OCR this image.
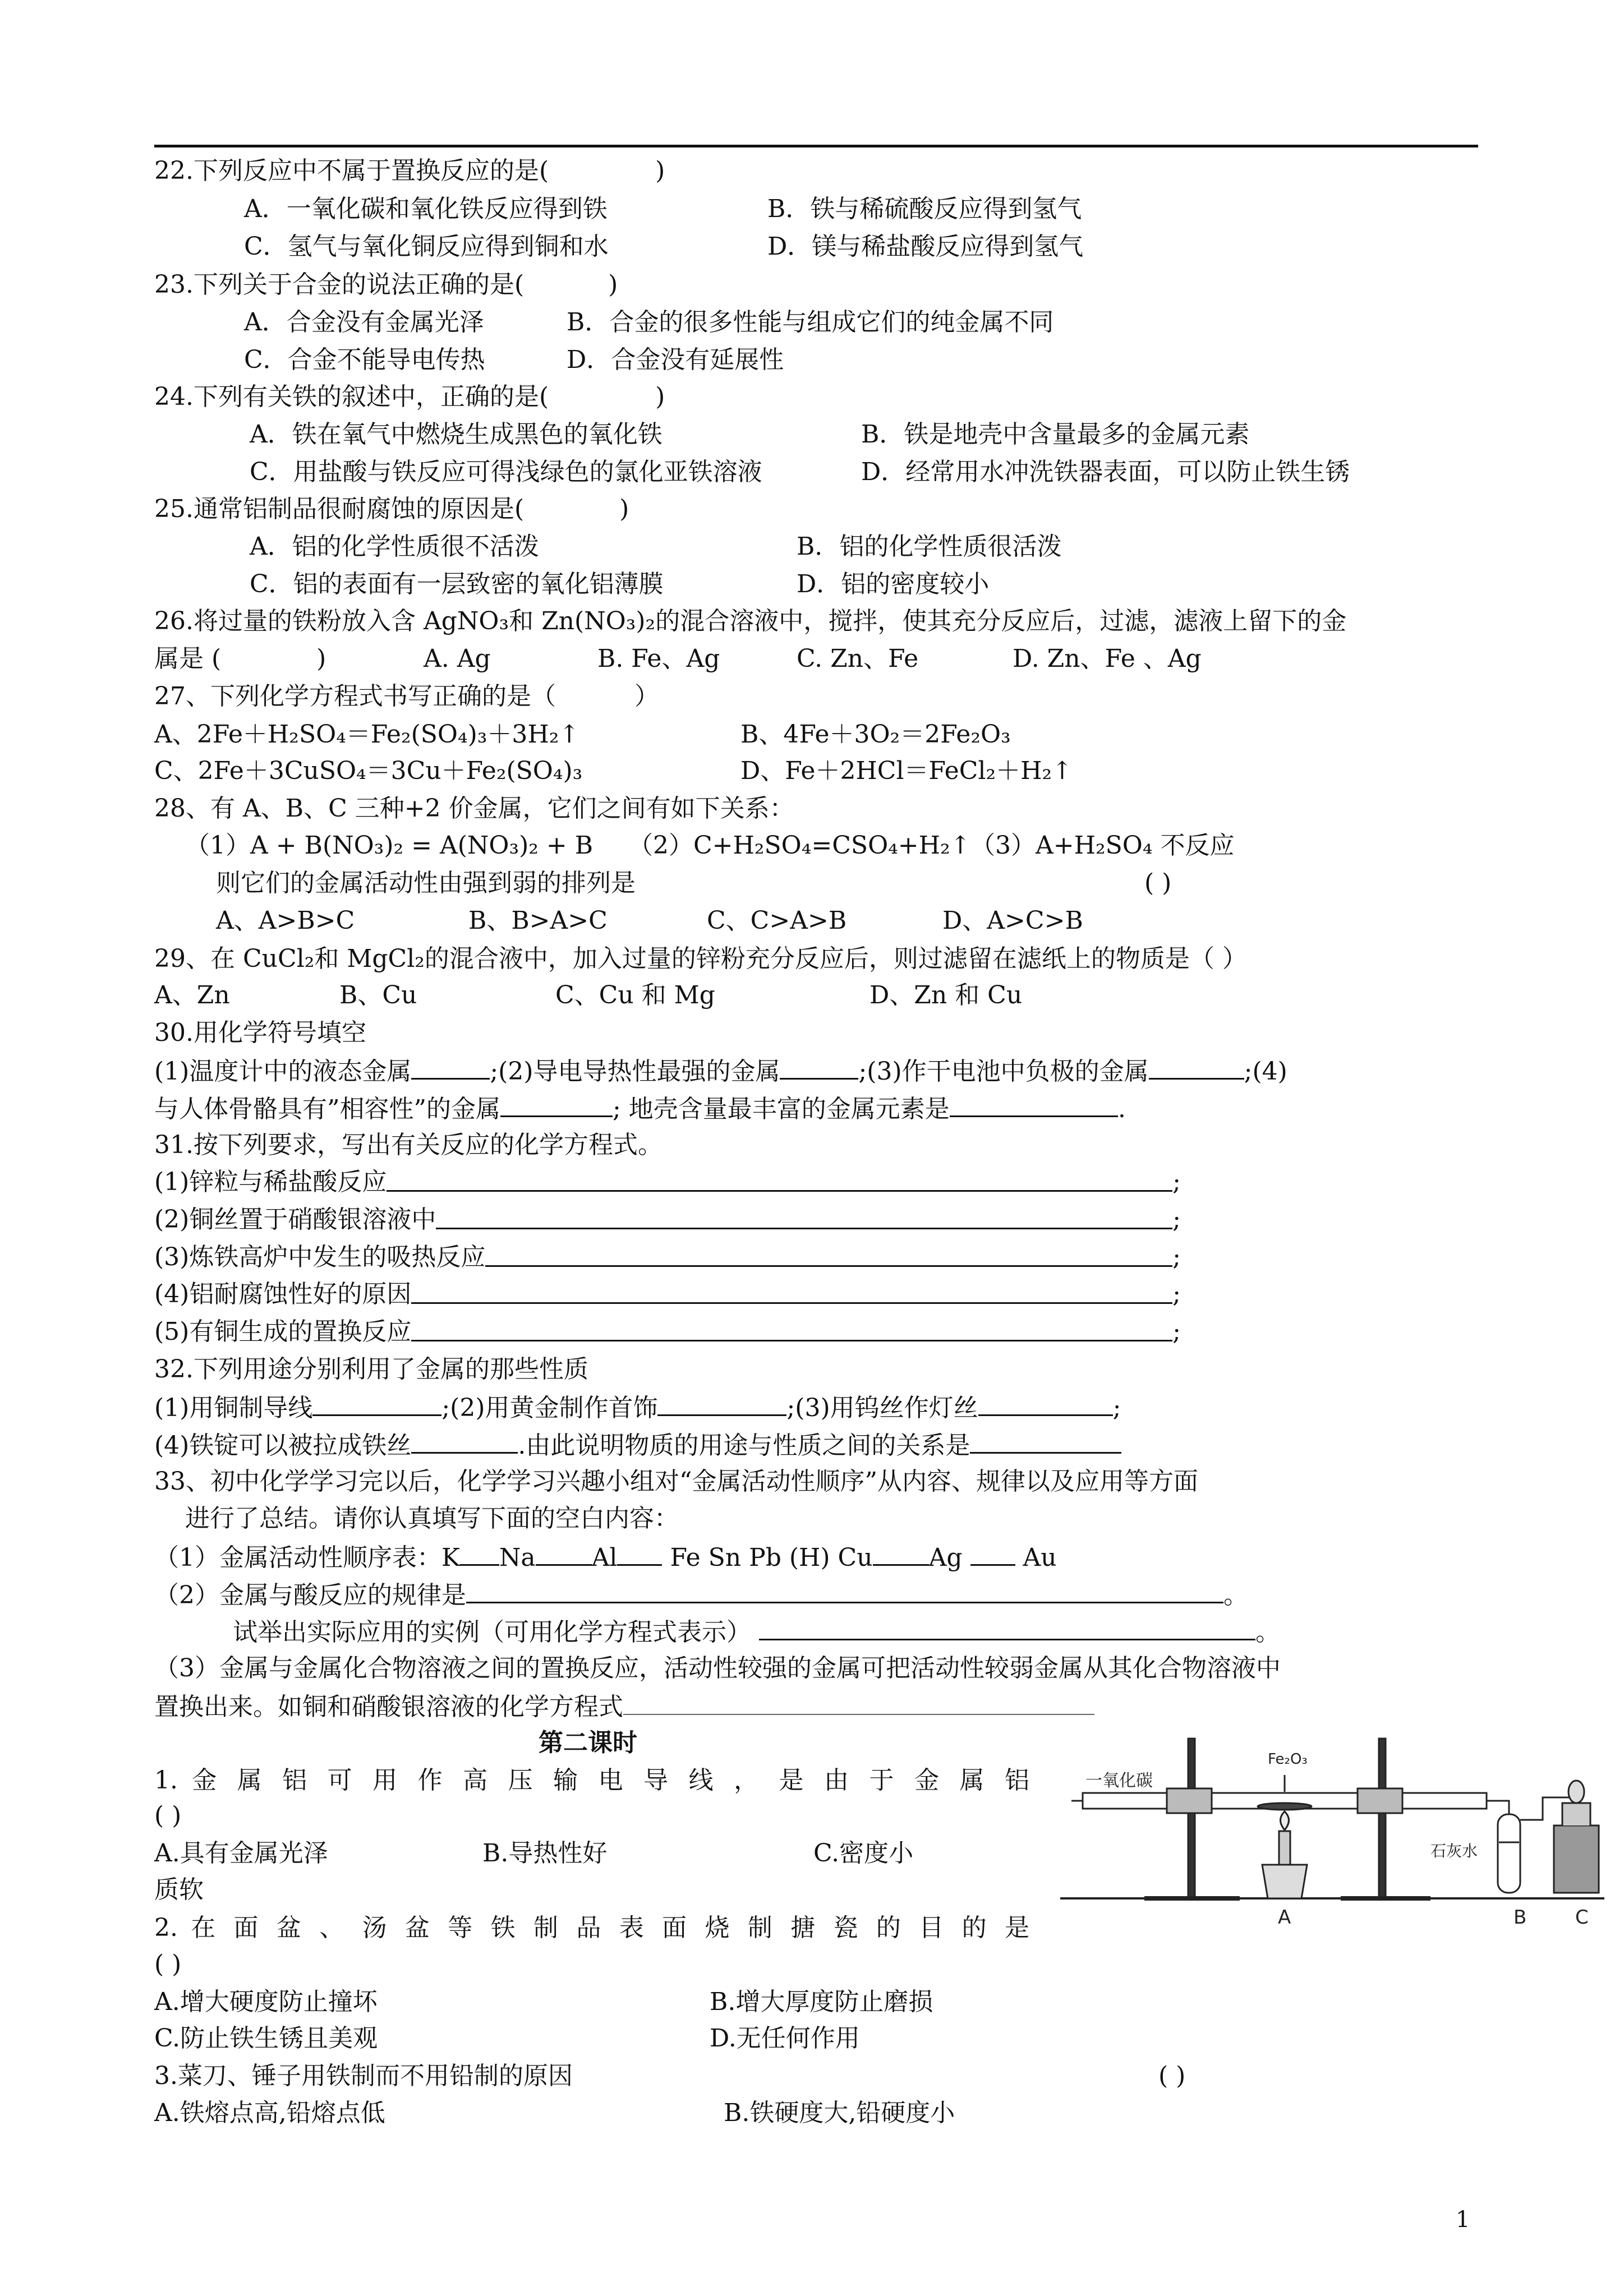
22.下列反应中不属于置换反应的是(	)
A．一氧化碳和氧化铁反应得到铁	B．铁与稀硫酸反应得到氢气
C．氢气与氧化铜反应得到铜和水	D．镁与稀盐酸反应得到氢气
23.下列关于合金的说法正确的是(	)
A．合金没有金属光泽	B．合金的很多性能与组成它们的纯金属不同
C．合金不能导电传热	D．合金没有延展性
24.下列有关铁的叙述中，正确的是(	)
A．铁在氧气中燃烧生成黑色的氧化铁	B．铁是地壳中含量最多的金属元素
C．用盐酸与铁反应可得浅绿色的氯化亚铁溶液	D．经常用水冲洗铁器表面，可以防止铁生锈
25.通常铝制品很耐腐蚀的原因是(	)
A．铝的化学性质很不活泼	B．铝的化学性质很活泼
C．铝的表面有一层致密的氧化铝薄膜	D．铝的密度较小
26.将过量的铁粉放入含 AgNO₃和 Zn(NO₃)₂的混合溶液中，搅拌，使其充分反应后，过滤，滤液上留下的金
属是 (	)	A. Ag	B. Fe、Ag	C. Zn、Fe	D. Zn、Fe 、Ag
27、下列化学方程式书写正确的是（	）
A、2Fe＋H₂SO₄＝Fe₂(SO₄)₃＋3H₂↑	B、4Fe＋3O₂＝2Fe₂O₃
C、2Fe＋3CuSO₄＝3Cu＋Fe₂(SO₄)₃	D、Fe＋2HCl＝FeCl₂＋H₂↑
28、有 A、B、C 三种+2 价金属，它们之间有如下关系：
（1）A + B(NO₃)₂ = A(NO₃)₂ + B （2）C+H₂SO₄=CSO₄+H₂↑ （3）A+H₂SO₄ 不反应
则它们的金属活动性由强到弱的排列是	( )
A、A>B>C	B、B>A>C	C、C>A>B	D、A>C>B
29、在 CuCl₂和 MgCl₂的混合液中，加入过量的锌粉充分反应后，则过滤留在滤纸上的物质是（ ）
A、Zn	B、Cu	C、Cu 和 Mg	D、Zn 和 Cu
30.用化学符号填空
(1)温度计中的液态金属	;(2)导电导热性最强的金属	;(3)作干电池中负极的金属	;(4)
与人体骨骼具有”相容性”的金属	; 地壳含量最丰富的金属元素是	.
31.按下列要求，写出有关反应的化学方程式。
(1)锌粒与稀盐酸反应	;
(2)铜丝置于硝酸银溶液中	;
(3)炼铁高炉中发生的吸热反应	;
(4)铝耐腐蚀性好的原因	;
(5)有铜生成的置换反应	;
32.下列用途分别利用了金属的那些性质
(1)用铜制导线	;(2)用黄金制作首饰	;(3)用钨丝作灯丝	;
(4)铁锭可以被拉成铁丝	.由此说明物质的用途与性质之间的关系是
33、初中化学学习完以后，化学学习兴趣小组对“金属活动性顺序”从内容、规律以及应用等方面
进行了总结。请你认真填写下面的空白内容：
（1）金属活动性顺序表：K Na Al Fe Sn Pb (H) Cu Ag Au
（2）金属与酸反应的规律是	。
试举出实际应用的实例（可用化学方程式表示）	。
（3）金属与金属化合物溶液之间的置换反应，活动性较强的金属可把活动性较弱金属从其化合物溶液中
置换出来。如铜和硝酸银溶液的化学方程式
第二课时
1. 金 属 铝 可 用 作 高 压 输 电 导 线 ， 是 由 于 金 属 铝
( )
A.具有金属光泽	B.导热性好	C.密度小
质软
2. 在 面 盆 、 汤 盆 等 铁 制 品 表 面 烧 制 搪 瓷 的 目 的 是
( )
A.增大硬度防止撞坏	B.增大厚度防止磨损
C.防止铁生锈且美观	D.无任何作用
3.菜刀、锤子用铁制而不用铅制的原因	( )
A.铁熔点高,铅熔点低	B.铁硬度大,铅硬度小
一氧化碳
Fe₂O₃
石灰水
A	B	C
1
